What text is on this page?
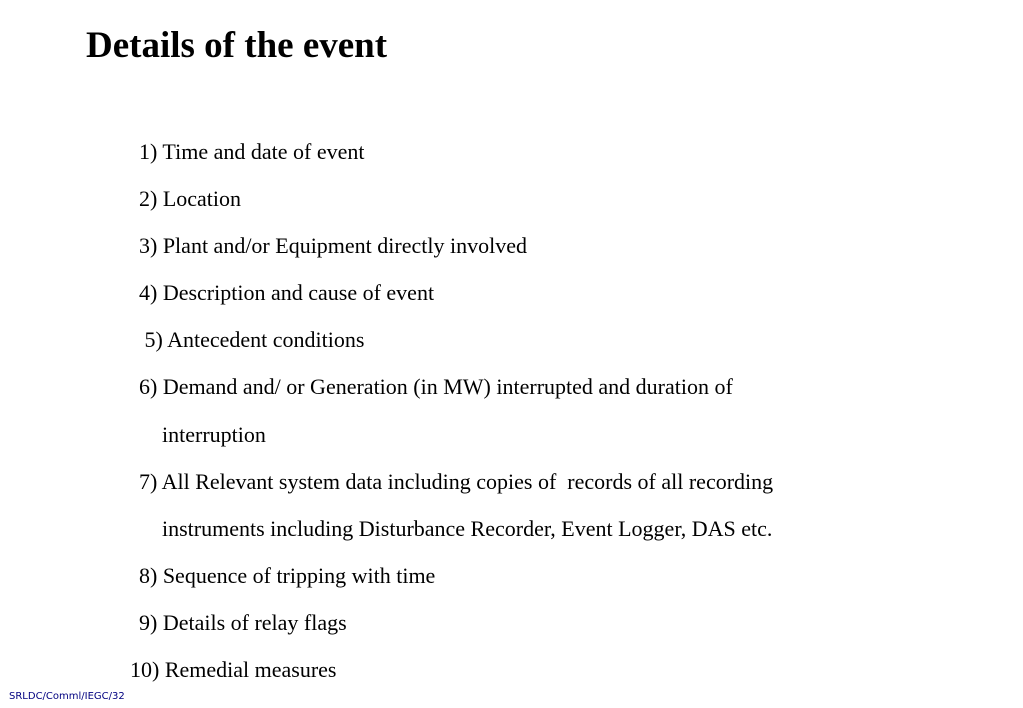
Details of the event
1) Time and date of event
2) Location
3) Plant and/or Equipment directly involved
4) Description and cause of event
5) Antecedent conditions
6) Demand and/ or Generation (in MW) interrupted and duration of
interruption
7) All Relevant system data including copies of  records of all recording
instruments including Disturbance Recorder, Event Logger, DAS etc.
8) Sequence of tripping with time
9) Details of relay flags
10) Remedial measures
SRLDC/Comml/IEGC/32
